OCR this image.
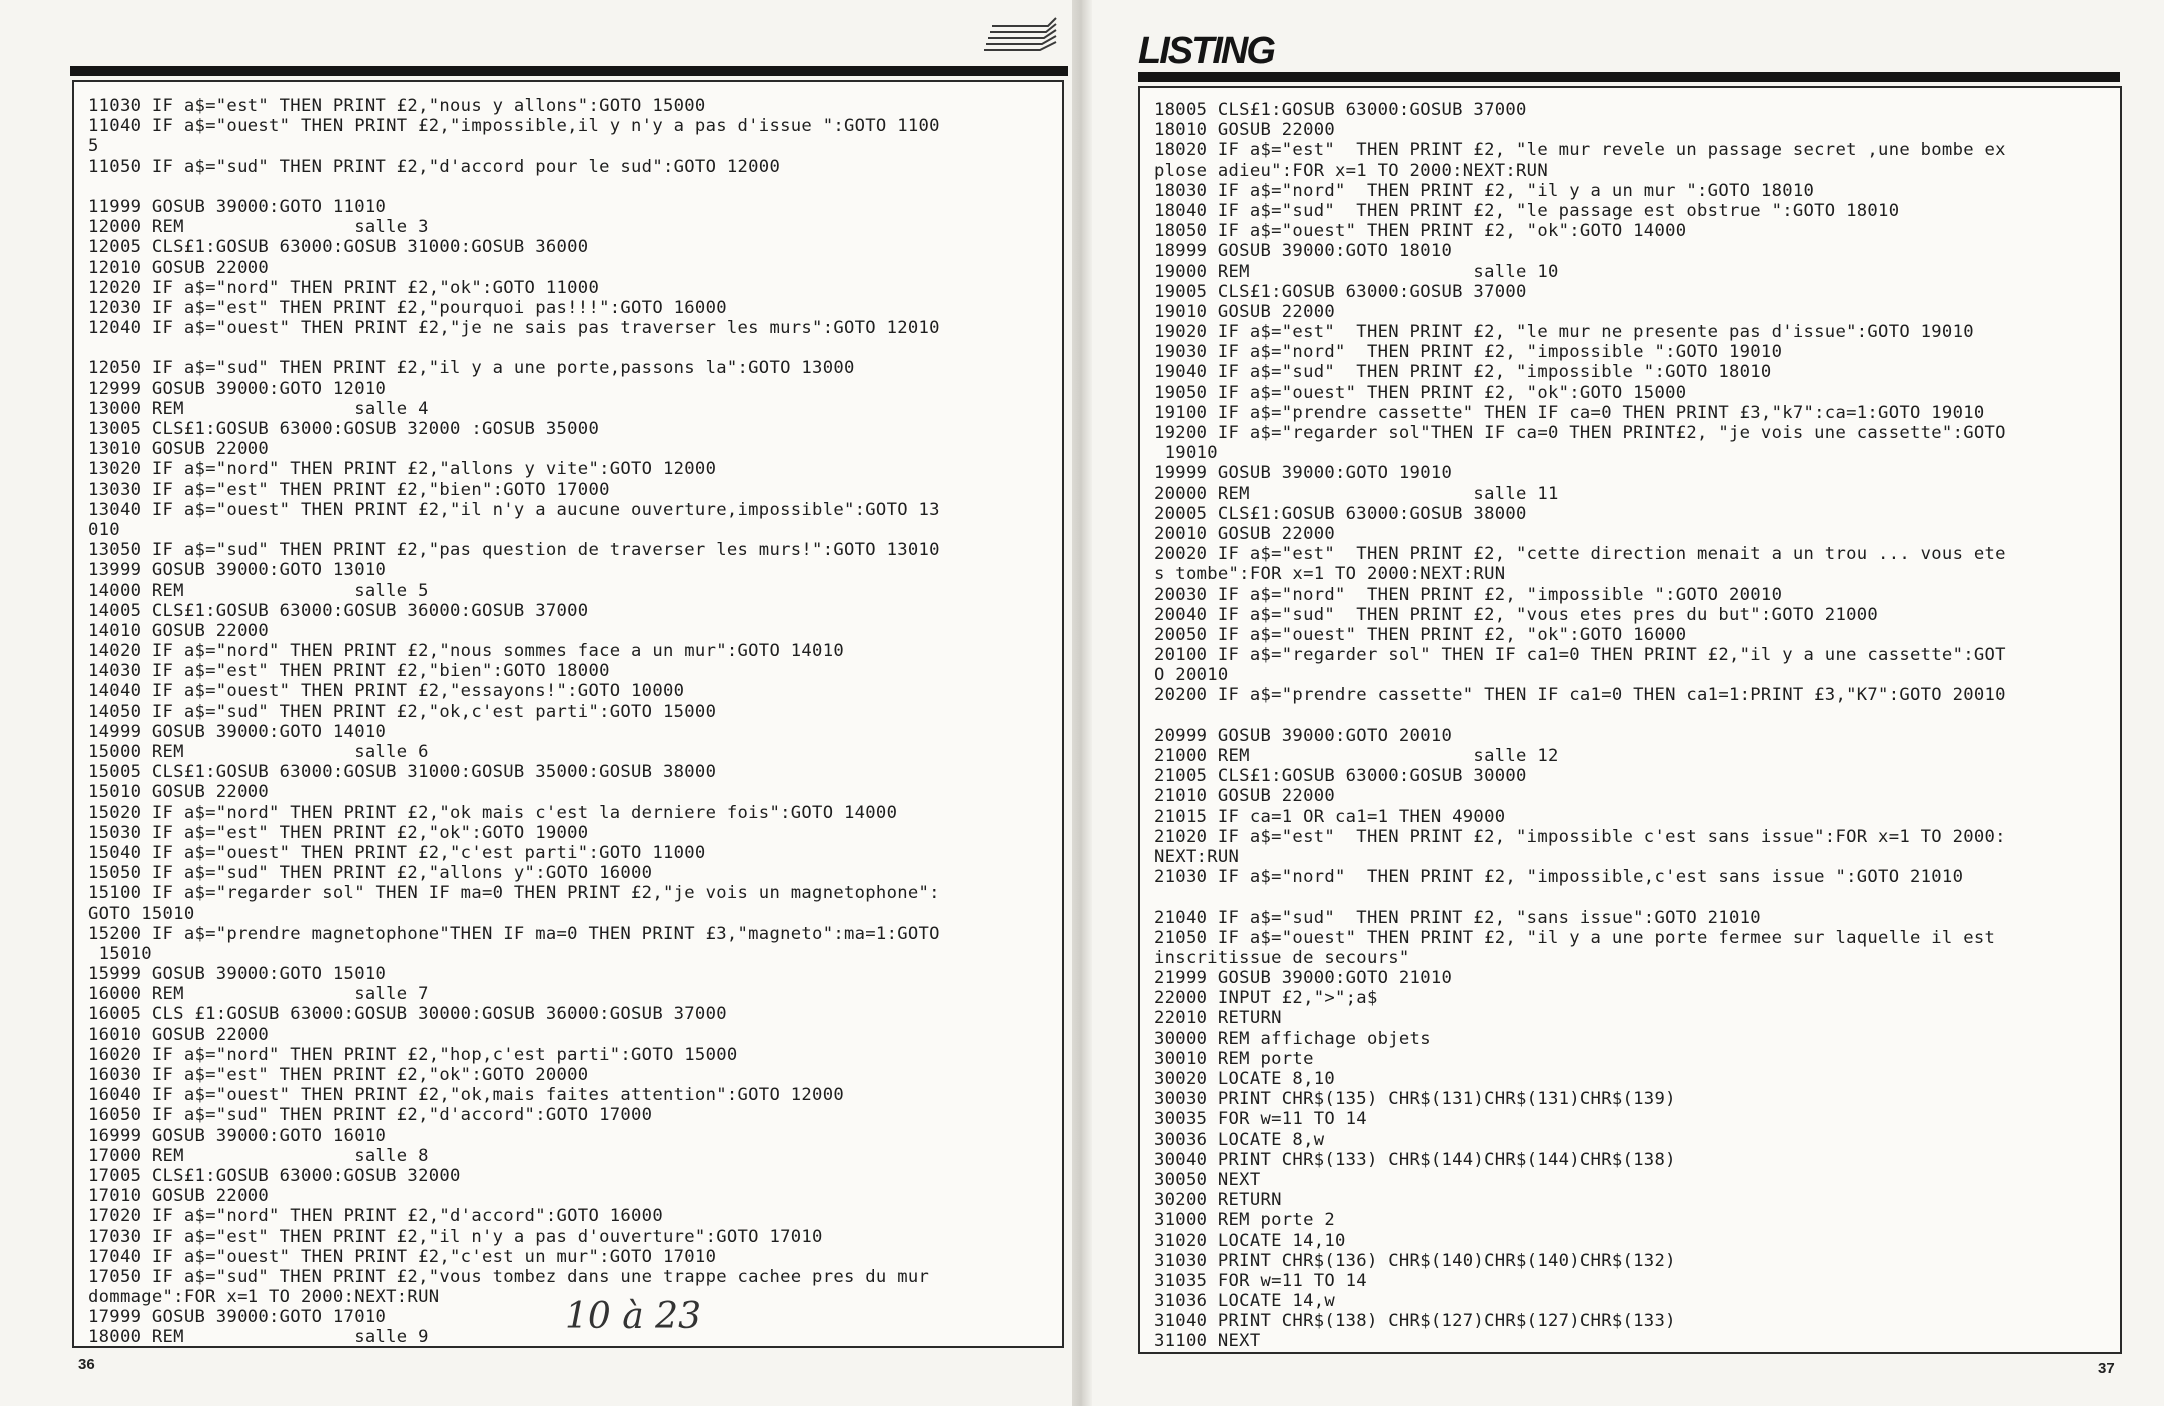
LISTING
11030 IF a$="est" THEN PRINT £2,"nous y allons":GOTO 15000
11040 IF a$="ouest" THEN PRINT £2,"impossible,il y n'y a pas d'issue ":GOTO 1100
5
11050 IF a$="sud" THEN PRINT £2,"d'accord pour le sud":GOTO 12000

11999 GOSUB 39000:GOTO 11010
12000 REM                salle 3
12005 CLS£1:GOSUB 63000:GOSUB 31000:GOSUB 36000
12010 GOSUB 22000
12020 IF a$="nord" THEN PRINT £2,"ok":GOTO 11000
12030 IF a$="est" THEN PRINT £2,"pourquoi pas!!!":GOTO 16000
12040 IF a$="ouest" THEN PRINT £2,"je ne sais pas traverser les murs":GOTO 12010

12050 IF a$="sud" THEN PRINT £2,"il y a une porte,passons la":GOTO 13000
12999 GOSUB 39000:GOTO 12010
13000 REM                salle 4
13005 CLS£1:GOSUB 63000:GOSUB 32000 :GOSUB 35000
13010 GOSUB 22000
13020 IF a$="nord" THEN PRINT £2,"allons y vite":GOTO 12000
13030 IF a$="est" THEN PRINT £2,"bien":GOTO 17000
13040 IF a$="ouest" THEN PRINT £2,"il n'y a aucune ouverture,impossible":GOTO 13
010
13050 IF a$="sud" THEN PRINT £2,"pas question de traverser les murs!":GOTO 13010
13999 GOSUB 39000:GOTO 13010
14000 REM                salle 5
14005 CLS£1:GOSUB 63000:GOSUB 36000:GOSUB 37000
14010 GOSUB 22000
14020 IF a$="nord" THEN PRINT £2,"nous sommes face a un mur":GOTO 14010
14030 IF a$="est" THEN PRINT £2,"bien":GOTO 18000
14040 IF a$="ouest" THEN PRINT £2,"essayons!":GOTO 10000
14050 IF a$="sud" THEN PRINT £2,"ok,c'est parti":GOTO 15000
14999 GOSUB 39000:GOTO 14010
15000 REM                salle 6
15005 CLS£1:GOSUB 63000:GOSUB 31000:GOSUB 35000:GOSUB 38000
15010 GOSUB 22000
15020 IF a$="nord" THEN PRINT £2,"ok mais c'est la derniere fois":GOTO 14000
15030 IF a$="est" THEN PRINT £2,"ok":GOTO 19000
15040 IF a$="ouest" THEN PRINT £2,"c'est parti":GOTO 11000
15050 IF a$="sud" THEN PRINT £2,"allons y":GOTO 16000
15100 IF a$="regarder sol" THEN IF ma=0 THEN PRINT £2,"je vois un magnetophone":
GOTO 15010
15200 IF a$="prendre magnetophone"THEN IF ma=0 THEN PRINT £3,"magneto":ma=1:GOTO
15010
15999 GOSUB 39000:GOTO 15010
16000 REM                salle 7
16005 CLS £1:GOSUB 63000:GOSUB 30000:GOSUB 36000:GOSUB 37000
16010 GOSUB 22000
16020 IF a$="nord" THEN PRINT £2,"hop,c'est parti":GOTO 15000
16030 IF a$="est" THEN PRINT £2,"ok":GOTO 20000
16040 IF a$="ouest" THEN PRINT £2,"ok,mais faites attention":GOTO 12000
16050 IF a$="sud" THEN PRINT £2,"d'accord":GOTO 17000
16999 GOSUB 39000:GOTO 16010
17000 REM                salle 8
17005 CLS£1:GOSUB 63000:GOSUB 32000
17010 GOSUB 22000
17020 IF a$="nord" THEN PRINT £2,"d'accord":GOTO 16000
17030 IF a$="est" THEN PRINT £2,"il n'y a pas d'ouverture":GOTO 17010
17040 IF a$="ouest" THEN PRINT £2,"c'est un mur":GOTO 17010
17050 IF a$="sud" THEN PRINT £2,"vous tombez dans une trappe cachee pres du mur
dommage":FOR x=1 TO 2000:NEXT:RUN
17999 GOSUB 39000:GOTO 17010
18000 REM                salle 9
18005 CLS£1:GOSUB 63000:GOSUB 37000
18010 GOSUB 22000
18020 IF a$="est"  THEN PRINT £2, "le mur revele un passage secret ,une bombe ex
plose adieu":FOR x=1 TO 2000:NEXT:RUN
18030 IF a$="nord"  THEN PRINT £2, "il y a un mur ":GOTO 18010
18040 IF a$="sud"  THEN PRINT £2, "le passage est obstrue ":GOTO 18010
18050 IF a$="ouest" THEN PRINT £2, "ok":GOTO 14000
18999 GOSUB 39000:GOTO 18010
19000 REM                     salle 10
19005 CLS£1:GOSUB 63000:GOSUB 37000
19010 GOSUB 22000
19020 IF a$="est"  THEN PRINT £2, "le mur ne presente pas d'issue":GOTO 19010
19030 IF a$="nord"  THEN PRINT £2, "impossible ":GOTO 19010
19040 IF a$="sud"  THEN PRINT £2, "impossible ":GOTO 18010
19050 IF a$="ouest" THEN PRINT £2, "ok":GOTO 15000
19100 IF a$="prendre cassette" THEN IF ca=0 THEN PRINT £3,"k7":ca=1:GOTO 19010
19200 IF a$="regarder sol"THEN IF ca=0 THEN PRINT£2, "je vois une cassette":GOTO
19010
19999 GOSUB 39000:GOTO 19010
20000 REM                     salle 11
20005 CLS£1:GOSUB 63000:GOSUB 38000
20010 GOSUB 22000
20020 IF a$="est"  THEN PRINT £2, "cette direction menait a un trou ... vous ete
s tombe":FOR x=1 TO 2000:NEXT:RUN
20030 IF a$="nord"  THEN PRINT £2, "impossible ":GOTO 20010
20040 IF a$="sud"  THEN PRINT £2, "vous etes pres du but":GOTO 21000
20050 IF a$="ouest" THEN PRINT £2, "ok":GOTO 16000
20100 IF a$="regarder sol" THEN IF ca1=0 THEN PRINT £2,"il y a une cassette":GOT
O 20010
20200 IF a$="prendre cassette" THEN IF ca1=0 THEN ca1=1:PRINT £3,"K7":GOTO 20010

20999 GOSUB 39000:GOTO 20010
21000 REM                     salle 12
21005 CLS£1:GOSUB 63000:GOSUB 30000
21010 GOSUB 22000
21015 IF ca=1 OR ca1=1 THEN 49000
21020 IF a$="est"  THEN PRINT £2, "impossible c'est sans issue":FOR x=1 TO 2000:
NEXT:RUN
21030 IF a$="nord"  THEN PRINT £2, "impossible,c'est sans issue ":GOTO 21010

21040 IF a$="sud"  THEN PRINT £2, "sans issue":GOTO 21010
21050 IF a$="ouest" THEN PRINT £2, "il y a une porte fermee sur laquelle il est
inscritissue de secours"
21999 GOSUB 39000:GOTO 21010
22000 INPUT £2,">";a$
22010 RETURN
30000 REM affichage objets
30010 REM porte
30020 LOCATE 8,10
30030 PRINT CHR$(135) CHR$(131)CHR$(131)CHR$(139)
30035 FOR w=11 TO 14
30036 LOCATE 8,w
30040 PRINT CHR$(133) CHR$(144)CHR$(144)CHR$(138)
30050 NEXT
30200 RETURN
31000 REM porte 2
31020 LOCATE 14,10
31030 PRINT CHR$(136) CHR$(140)CHR$(140)CHR$(132)
31035 FOR w=11 TO 14
31036 LOCATE 14,w
31040 PRINT CHR$(138) CHR$(127)CHR$(127)CHR$(133)
31100 NEXT
10 à 23
36	37
